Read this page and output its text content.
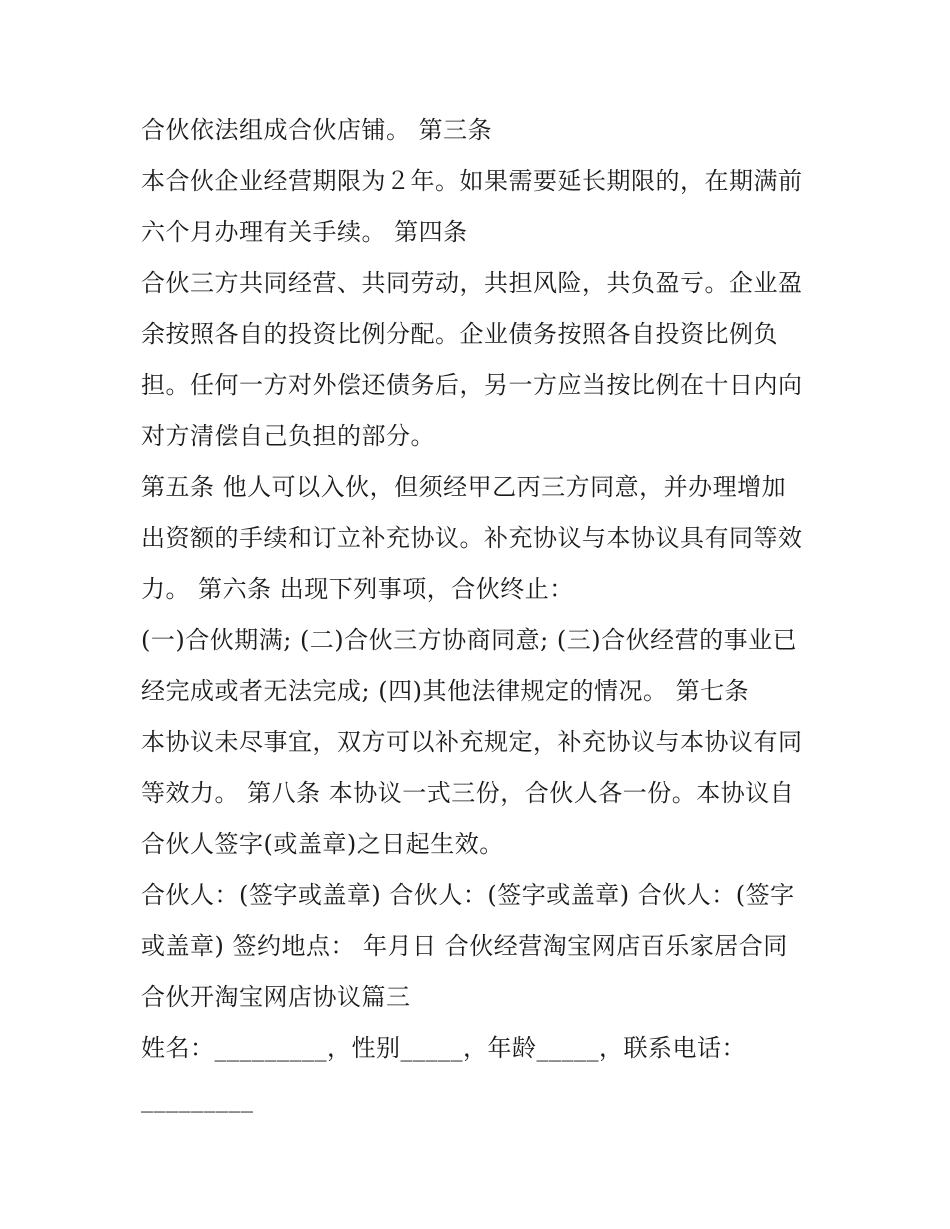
合伙依法组成合伙店铺。 第三条
本合伙企业经营期限为２年。如果需要延长期限的，在期满前
六个月办理有关手续。 第四条
合伙三方共同经营、共同劳动，共担风险，共负盈亏。企业盈
余按照各自的投资比例分配。企业债务按照各自投资比例负
担。任何一方对外偿还债务后，另一方应当按比例在十日内向
对方清偿自己负担的部分。
第五条 他人可以入伙，但须经甲乙丙三方同意，并办理增加
出资额的手续和订立补充协议。补充协议与本协议具有同等效
力。 第六条 出现下列事项，合伙终止：
(一)合伙期满; (二)合伙三方协商同意; (三)合伙经营的事业已
经完成或者无法完成; (四)其他法律规定的情况。 第七条
本协议未尽事宜，双方可以补充规定，补充协议与本协议有同
等效力。 第八条 本协议一式三份，合伙人各一份。本协议自
合伙人签字(或盖章)之日起生效。
合伙人：(签字或盖章) 合伙人：(签字或盖章) 合伙人：(签字
或盖章) 签约地点： 年月日 合伙经营淘宝网店百乐家居合同
合伙开淘宝网店协议篇三
姓名：_________，性别_____，年龄_____，联系电话：
_________
